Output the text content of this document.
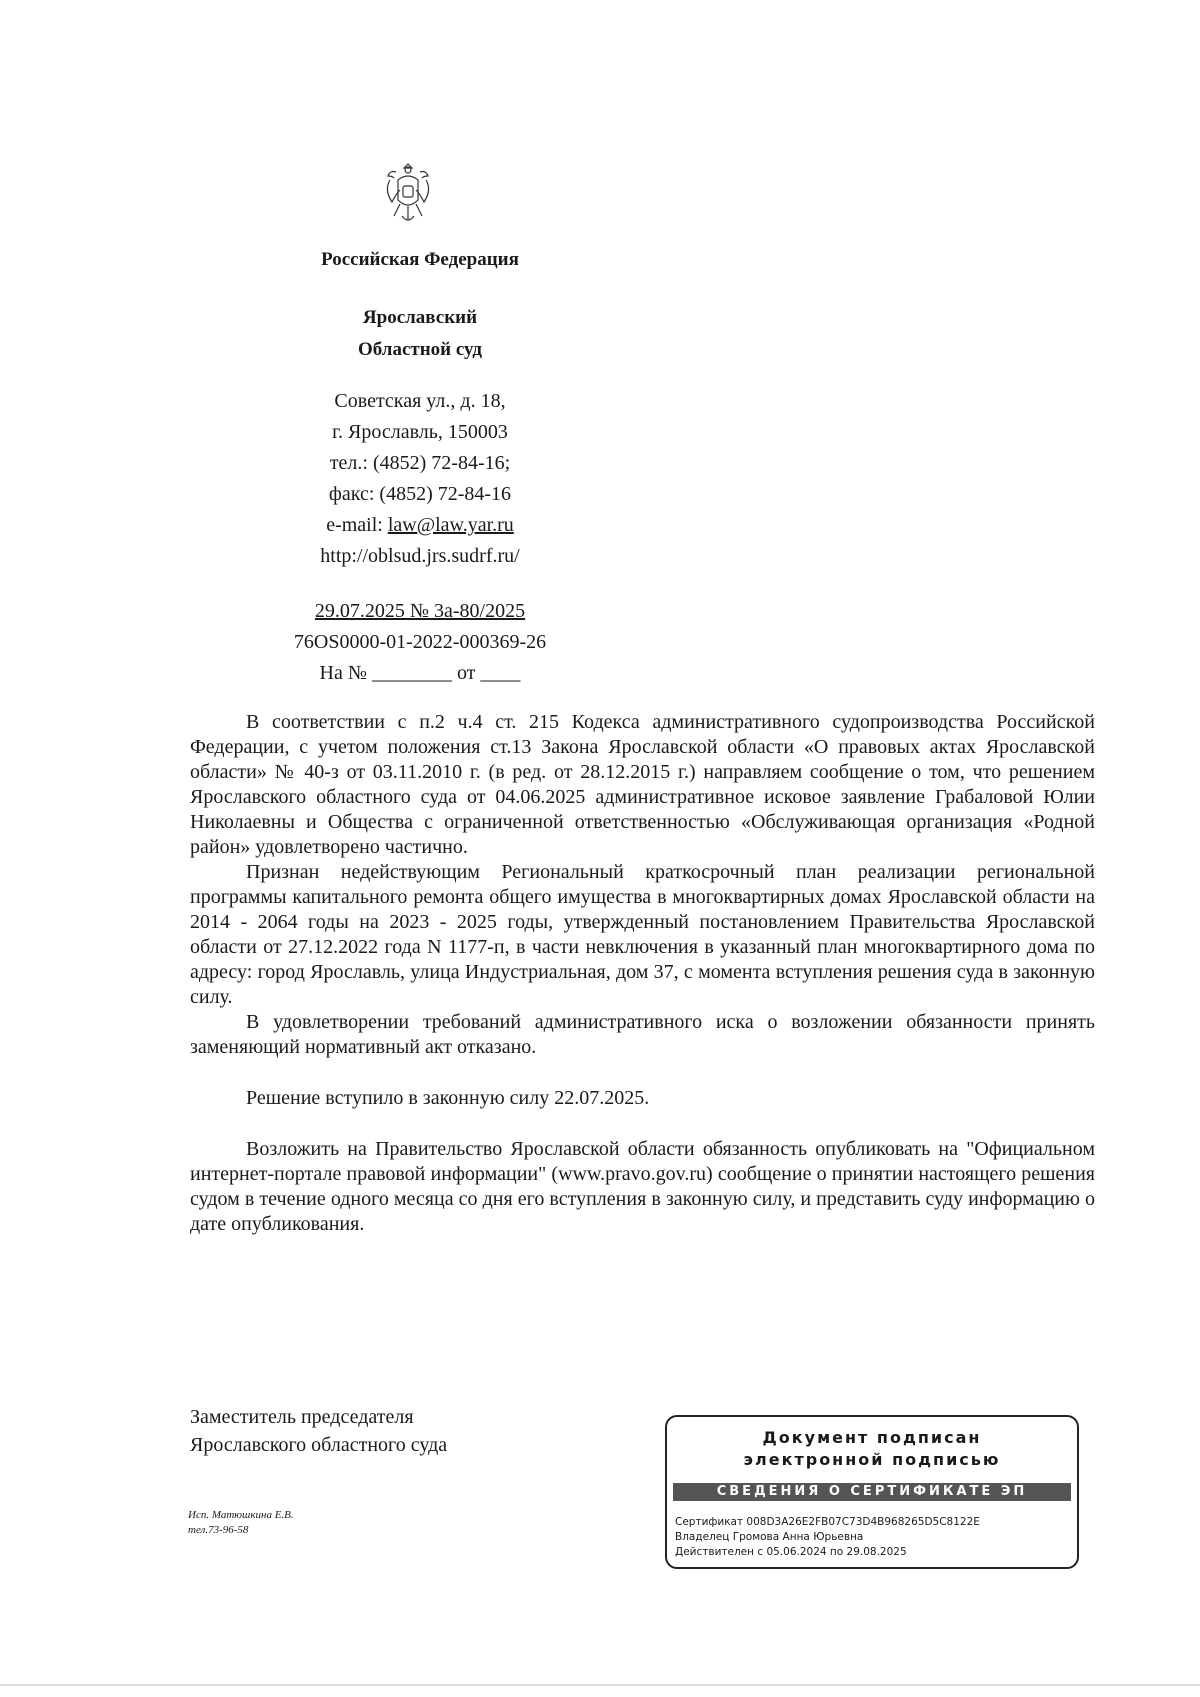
Российская Федерация
Ярославский
Областной суд
Советская ул., д. 18,
г. Ярославль, 150003
тел.: (4852) 72-84-16;
факс: (4852) 72-84-16
e-mail: law@law.yar.ru
http://oblsud.jrs.sudrf.ru/
29.07.2025 № 3а-80/2025
76OS0000-01-2022-000369-26
На № ________ от ____

В соответствии с п.2 ч.4 ст. 215 Кодекса административного судопроизводства Российской Федерации, с учетом положения ст.13 Закона Ярославской области «О правовых актах Ярославской области» № 40-з от 03.11.2010 г. (в ред. от 28.12.2015 г.) направляем сообщение о том, что решением Ярославского областного суда от 04.06.2025 административное исковое заявление Грабаловой Юлии Николаевны и Общества с ограниченной ответственностью «Обслуживающая организация «Родной район» удовлетворено частично.

Признан недействующим Региональный краткосрочный план реализации региональной программы капитального ремонта общего имущества в многоквартирных домах Ярославской области на 2014 - 2064 годы на 2023 - 2025 годы, утвержденный постановлением Правительства Ярославской области от 27.12.2022 года N 1177-п, в части невключения в указанный план многоквартирного дома по адресу: город Ярославль, улица Индустриальная, дом 37, с момента вступления решения суда в законную силу.

В удовлетворении требований административного иска о возложении обязанности принять заменяющий нормативный акт отказано.

Решение вступило в законную силу 22.07.2025.

Возложить на Правительство Ярославской области обязанность опубликовать на "Официальном интернет-портале правовой информации" (www.pravo.gov.ru) сообщение о принятии настоящего решения судом в течение одного месяца со дня его вступления в законную силу, и представить суду информацию о дате опубликования.

Заместитель председателя
Ярославского областного суда
Исп. Матюшкина Е.В.
тел.73-96-58
Документ подписан
электронной подписью
СВЕДЕНИЯ О СЕРТИФИКАТЕ ЭП
Сертификат 008D3A26E2FB07C73D4B968265D5C8122E
Владелец Громова Анна Юрьевна
Действителен с 05.06.2024 по 29.08.2025
